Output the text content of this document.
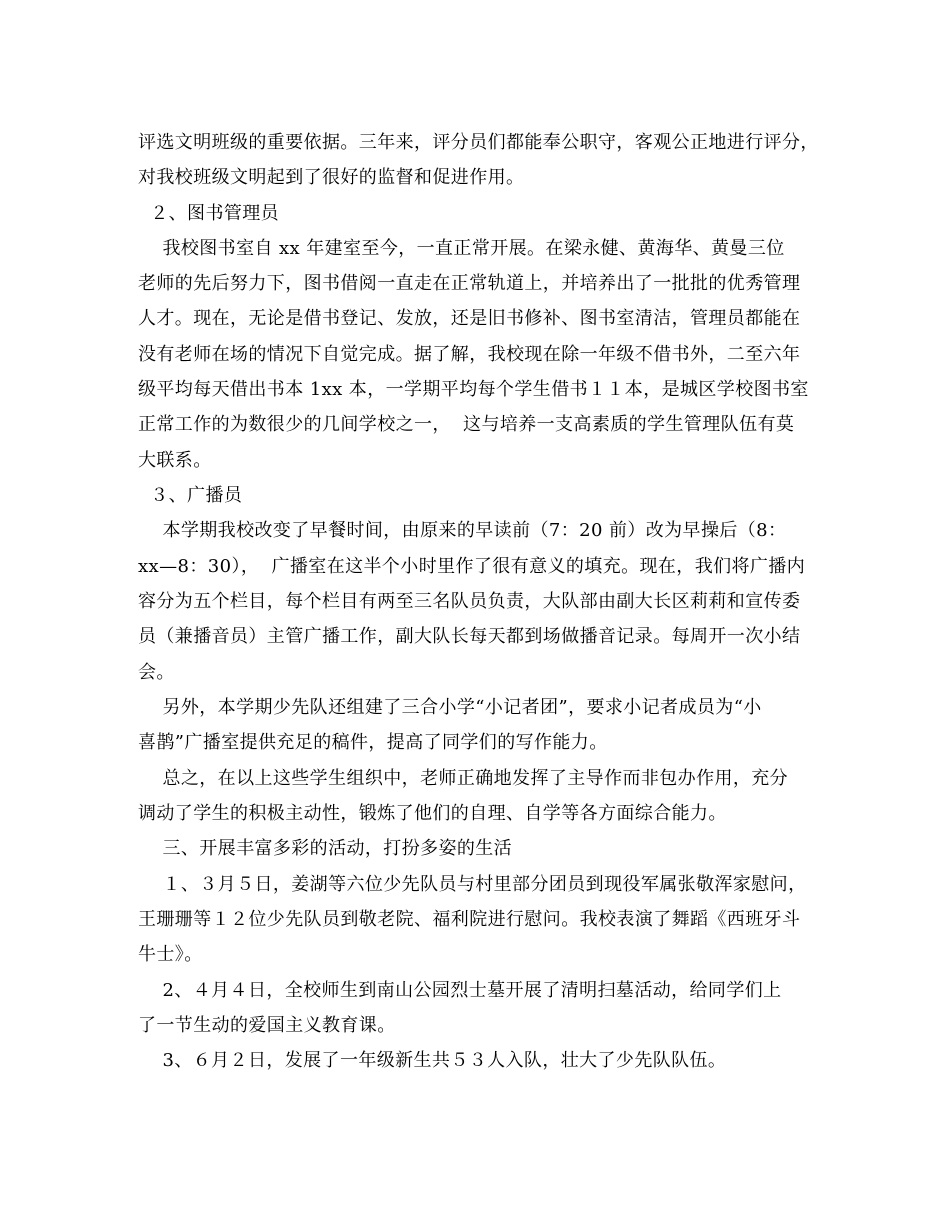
评选文明班级的重要依据。三年来，评分员们都能奉公职守，客观公正地进行评分，
对我校班级文明起到了很好的监督和促进作用。
２、图书管理员
我校图书室自 xx 年建室至今，一直正常开展。在梁永健、黄海华、黄曼三位
老师的先后努力下，图书借阅一直走在正常轨道上，并培养出了一批批的优秀管理
人才。现在，无论是借书登记、发放，还是旧书修补、图书室清洁，管理员都能在
没有老师在场的情况下自觉完成。据了解，我校现在除一年级不借书外，二至六年
级平均每天借出书本 1xx 本，一学期平均每个学生借书１１本，是城区学校图书室
正常工作的为数很少的几间学校之一，  这与培养一支高素质的学生管理队伍有莫
大联系。
３、广播员
本学期我校改变了早餐时间，由原来的早读前（7：20 前）改为早操后（8：
xx—8：30），  广播室在这半个小时里作了很有意义的填充。现在，我们将广播内
容分为五个栏目，每个栏目有两至三名队员负责，大队部由副大长区莉莉和宣传委
员（兼播音员）主管广播工作，副大队长每天都到场做播音记录。每周开一次小结
会。
另外，本学期少先队还组建了三合小学“小记者团”，要求小记者成员为“小
喜鹊”广播室提供充足的稿件，提高了同学们的写作能力。
总之，在以上这些学生组织中，老师正确地发挥了主导作而非包办作用，充分
调动了学生的积极主动性，锻炼了他们的自理、自学等各方面综合能力。
三、开展丰富多彩的活动，打扮多姿的生活
１、３月５日，姜湖等六位少先队员与村里部分团员到现役军属张敬浑家慰问，
王珊珊等１２位少先队员到敬老院、福利院进行慰问。我校表演了舞蹈《西班牙斗
牛士》。
2、４月４日，全校师生到南山公园烈士墓开展了清明扫墓活动，给同学们上
了一节生动的爱国主义教育课。
3、６月２日，发展了一年级新生共５３人入队，壮大了少先队队伍。
